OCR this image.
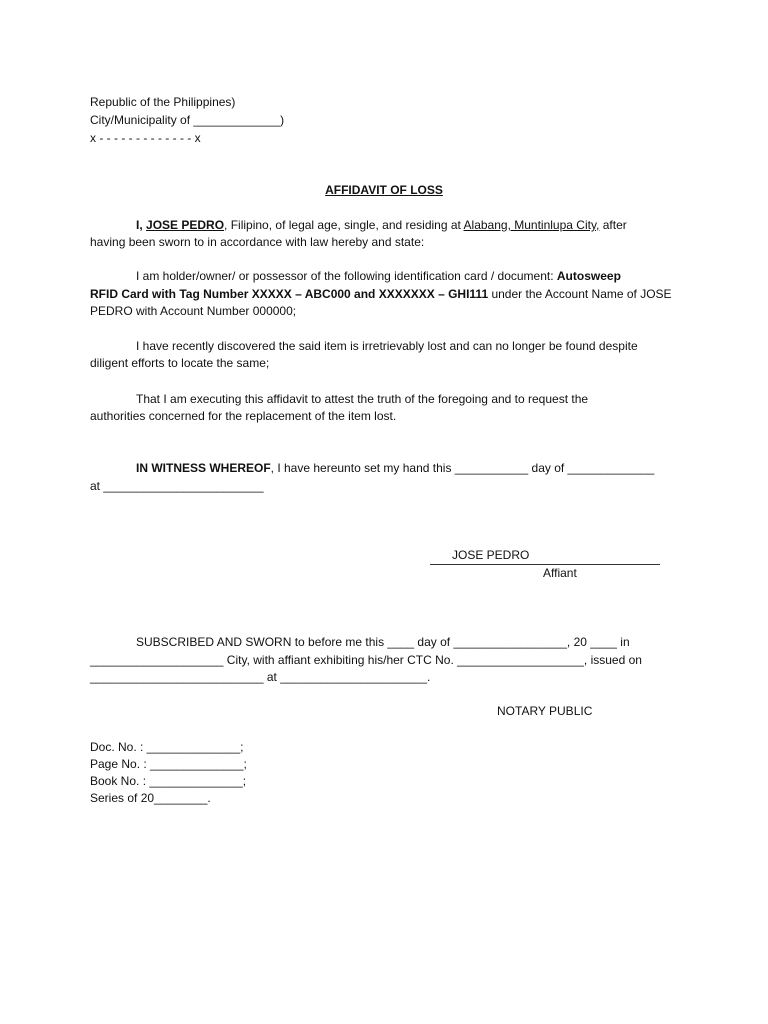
Republic of the Philippines)
City/Municipality of _____________)
x - - - - - - - - - - - - - x
AFFIDAVIT OF LOSS
I, JOSE PEDRO, Filipino, of legal age, single, and residing at Alabang, Muntinlupa City, after
having been sworn to in accordance with law hereby and state:
I am holder/owner/ or possessor of the following identification card / document: Autosweep
RFID Card with Tag Number XXXXX – ABC000 and XXXXXXX – GHI111 under the Account Name of JOSE
PEDRO with Account Number 000000;
I have recently discovered the said item is irretrievably lost and can no longer be found despite
diligent efforts to locate the same;
That I am executing this affidavit to attest the truth of the foregoing and to request the
authorities concerned for the replacement of the item lost.
IN WITNESS WHEREOF, I have hereunto set my hand this ___________ day of _____________
at ________________________
JOSE PEDRO
Affiant
SUBSCRIBED AND SWORN to before me this ____ day of _________________, 20 ____ in
____________________ City, with affiant exhibiting his/her CTC No. ___________________, issued on
__________________________ at ______________________.
NOTARY PUBLIC
Doc. No. : ______________;
Page No. : ______________;
Book No. : ______________;
Series of 20________.
